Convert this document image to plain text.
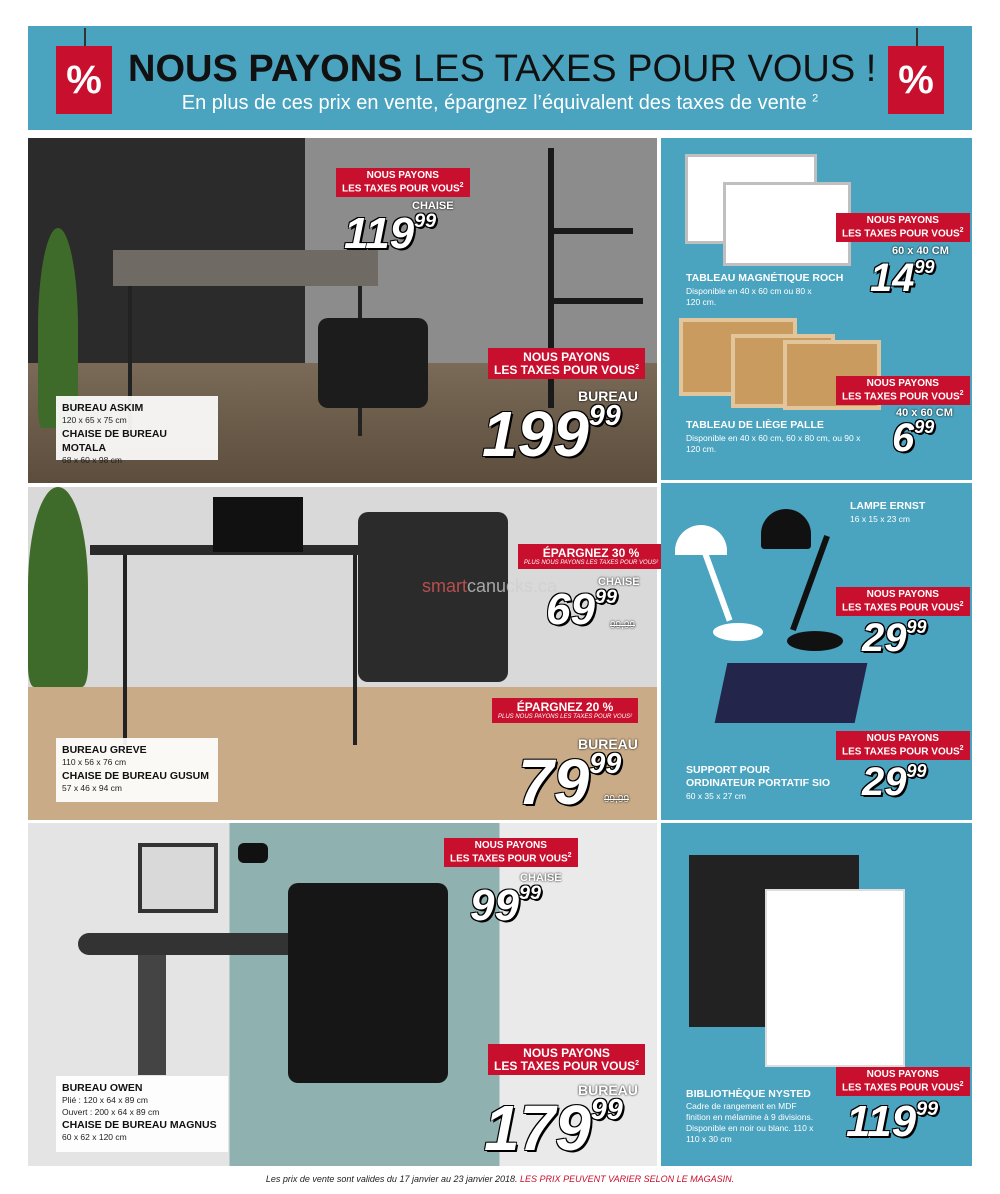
% NOUS PAYONS LES TAXES POUR VOUS !
En plus de ces prix en vente, épargnez l’équivalent des taxes de vente $^2$	%
NOUS PAYONS
LES TAXES POUR VOUS$^2$
CHAISE
$119^{99}$
NOUS PAYONS
LES TAXES POUR VOUS$^2$
BUREAU
$199^{99}$
BUREAU ASKIM
120 x 65 x 75 cm
CHAISE DE BUREAU MOTALA
68 x 60 x 98 cm
smartcanucks.ca
ÉPARGNEZ 30 %
PLUS NOUS PAYONS LES TAXES POUR VOUS²
CHAISE
$69^{99}$
99,99
ÉPARGNEZ 20 %
PLUS NOUS PAYONS LES TAXES POUR VOUS²
BUREAU
$79^{99}$
99,99
BUREAU GREVE
110 x 56 x 76 cm
CHAISE DE BUREAU GUSUM
57 x 46 x 94 cm
NOUS PAYONS
LES TAXES POUR VOUS$^2$
CHAISE
$99^{99}$
NOUS PAYONS
LES TAXES POUR VOUS$^2$
BUREAU
$179^{99}$
BUREAU OWEN
Plié : 120 x 64 x 89 cm
Ouvert : 200 x 64 x 89 cm
CHAISE DE BUREAU MAGNUS
60 x 62 x 120 cm
NOUS PAYONS
LES TAXES POUR VOUS$^2$
60 x 40 CM
$14^{99}$
TABLEAU MAGNÉTIQUE ROCH
Disponible en 40 x 60 cm ou 80 x 120 cm.
NOUS PAYONS
LES TAXES POUR VOUS$^2$
40 x 60 CM
$6^{99}$
TABLEAU DE LIÈGE PALLE
Disponible en 40 x 60 cm, 60 x 80 cm, ou 90 x 120 cm.
LAMPE ERNST
16 x 15 x 23 cm
NOUS PAYONS
LES TAXES POUR VOUS$^2$
$29^{99}$
NOUS PAYONS
LES TAXES POUR VOUS$^2$
$29^{99}$
SUPPORT POUR
ORDINATEUR PORTATIF SIO
60 x 35 x 27 cm
BIBLIOTHÈQUE NYSTED
Cadre de rangement en MDF finition en mélamine à 9 divisions. Disponible en noir ou blanc. 110 x 110 x 30 cm
NOUS PAYONS
LES TAXES POUR VOUS$^2$
$119^{99}$
Les prix de vente sont valides du 17 janvier au 23 janvier 2018. LES PRIX PEUVENT VARIER SELON LE MAGASIN.
